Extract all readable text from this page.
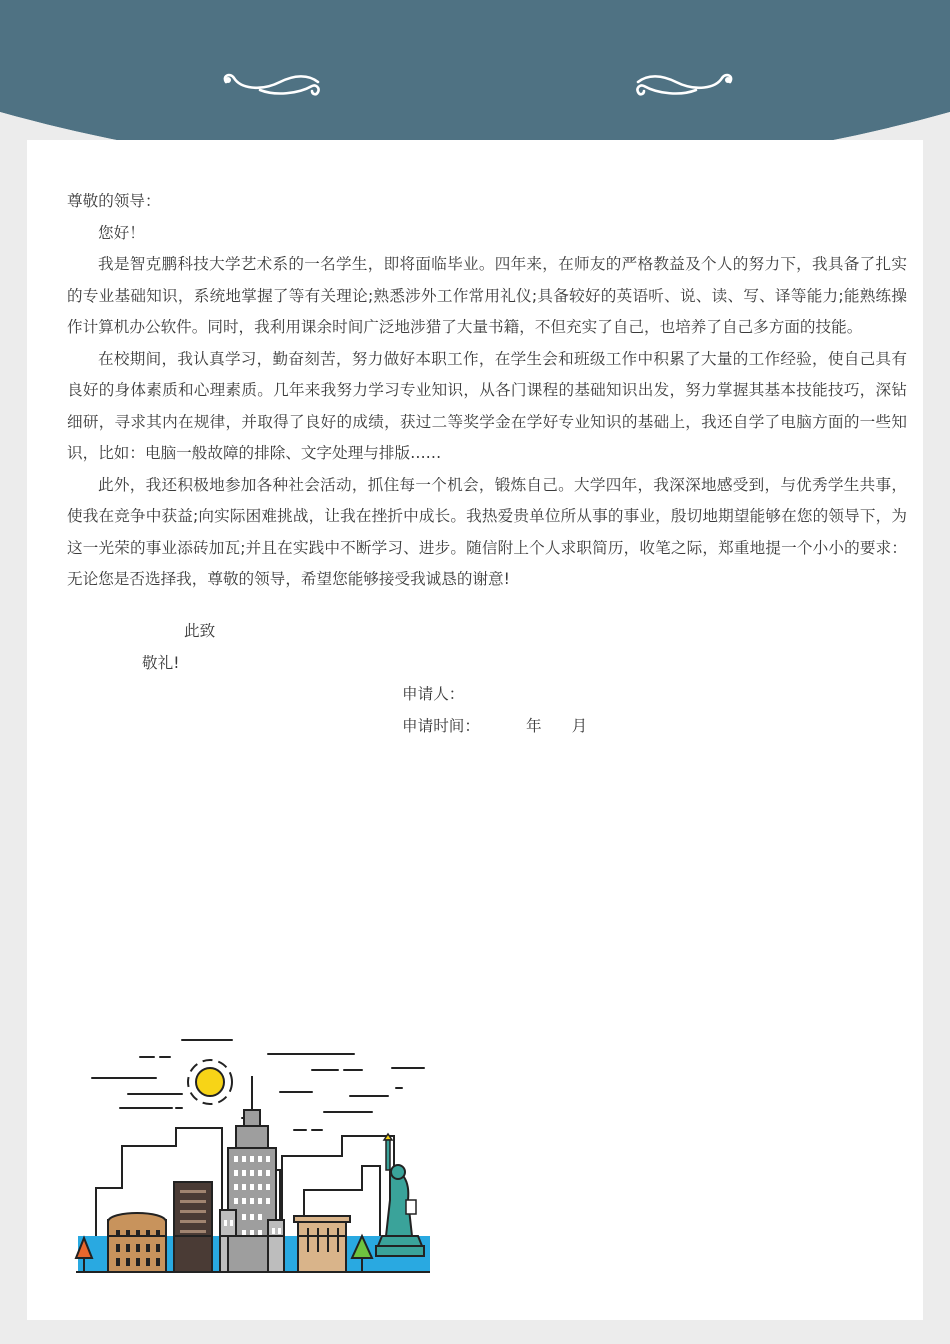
尊敬的领导：

您好！

我是智克鹏科技大学艺术系的一名学生，即将面临毕业。四年来，在师友的严格教益及个人的努力下，我具备了扎实的专业基础知识，系统地掌握了等有关理论;熟悉涉外工作常用礼仪;具备较好的英语听、说、读、写、译等能力;能熟练操作计算机办公软件。同时，我利用课余时间广泛地涉猎了大量书籍，不但充实了自己，也培养了自己多方面的技能。

在校期间，我认真学习，勤奋刻苦，努力做好本职工作，在学生会和班级工作中积累了大量的工作经验，使自己具有良好的身体素质和心理素质。几年来我努力学习专业知识，从各门课程的基础知识出发，努力掌握其基本技能技巧，深钻细研，寻求其内在规律，并取得了良好的成绩，获过二等奖学金在学好专业知识的基础上，我还自学了电脑方面的一些知识，比如：电脑一般故障的排除、文字处理与排版……

此外，我还积极地参加各种社会活动，抓住每一个机会，锻炼自己。大学四年，我深深地感受到，与优秀学生共事，使我在竞争中获益;向实际困难挑战，让我在挫折中成长。我热爱贵单位所从事的事业，殷切地期望能够在您的领导下，为这一光荣的事业添砖加瓦;并且在实践中不断学习、进步。随信附上个人求职简历，收笔之际，郑重地提一个小小的要求：无论您是否选择我，尊敬的领导，希望您能够接受我诚恳的谢意!

此致
敬礼!
申请人：
申请时间：	年 月
